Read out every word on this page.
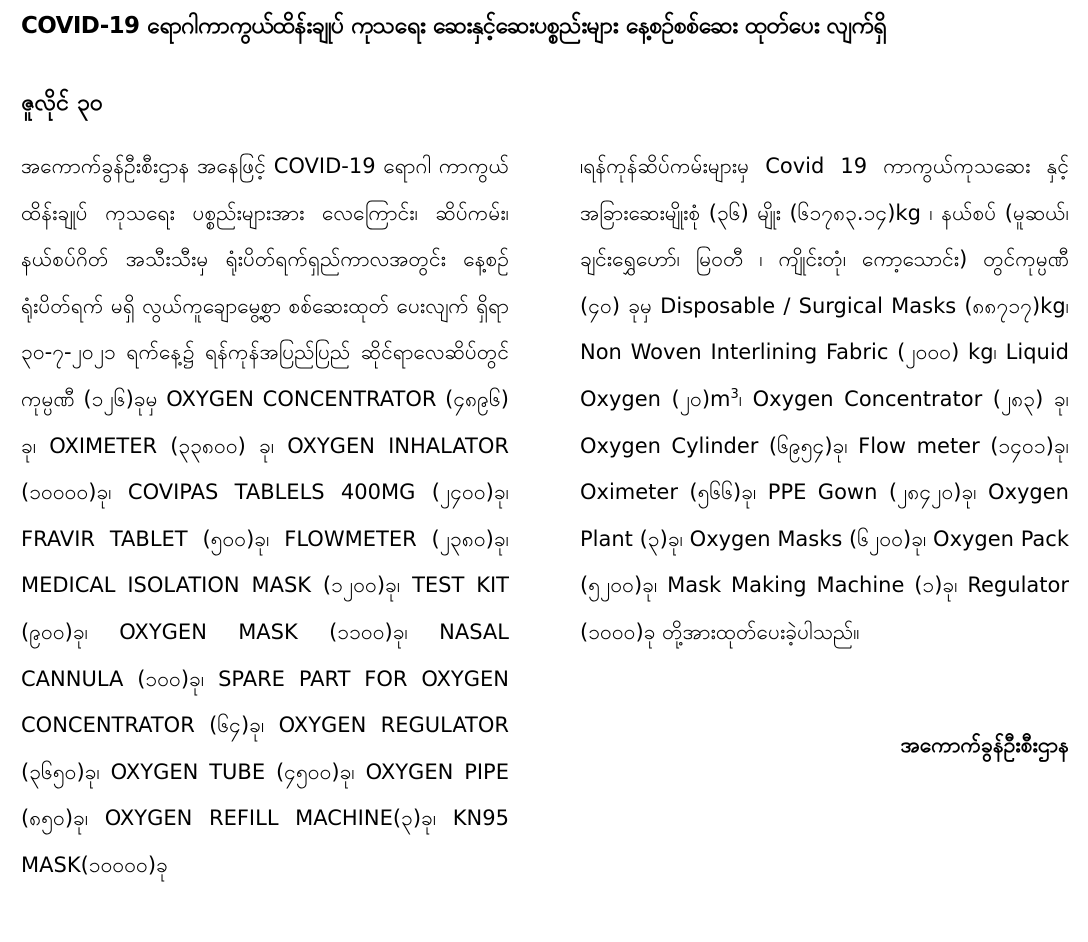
COVID-19 ရောဂါကာကွယ်ထိန်းချုပ် ကုသရေး ဆေးနှင့်ဆေးပစ္စည်းများ နေ့စဉ်စစ်ဆေး ထုတ်ပေး လျက်ရှိ
ဇူလိုင် ၃၀

အကောက်ခွန်ဦးစီးဌာန အနေဖြင့် COVID-19 ရောဂါ ကာကွယ်ထိန်းချုပ် ကုသရေး ပစ္စည်းများအား လေကြောင်း၊ ဆိပ်ကမ်း၊ နယ်စပ်ဂိတ် အသီးသီးမှ ရုံးပိတ်ရက်ရှည်ကာလအတွင်း နေ့စဉ် ရုံးပိတ်ရက် မရှိ လွယ်ကူချောမွေ့စွာ စစ်ဆေးထုတ် ပေးလျက် ရှိရာ ၃၀-၇-၂၀၂၁ ရက်နေ့၌ ရန်ကုန်အပြည်ပြည် ဆိုင်ရာလေဆိပ်တွင် ကုမ္ပဏီ (၁၂၆)ခုမှ OXYGEN CONCENTRATOR (၄၈၉၆) ခု၊ OXIMETER (၃၃၈၀၀) ခု၊ OXYGEN INHALATOR (၁၀၀၀၀)ခု၊ COVIPAS TABLELS 400MG (၂၄၀၀)ခု၊ FRAVIR TABLET (၅၀၀)ခု၊ FLOWMETER (၂၃၈၀)ခု၊ MEDICAL ISOLATION MASK (၁၂၀၀)ခု၊ TEST KIT (၉၀၀)ခု၊ OXYGEN MASK (၁၁၀၀)ခု၊ NASAL CANNULA (၁၀၀)ခု၊ SPARE PART FOR OXYGEN CONCENTRATOR (၆၄)ခု၊ OXYGEN REGULATOR (၃၆၅၀)ခု၊ OXYGEN TUBE (၄၅၀၀)ခု၊ OXYGEN PIPE (၈၅၀)ခု၊ OXYGEN REFILL MACHINE(၃)ခု၊ KN95 MASK(၁၀၀၀၀)ခု

၊ရန်ကုန်ဆိပ်ကမ်းများမှ Covid 19 ကာကွယ်ကုသဆေး နှင့် အခြားဆေးမျိုးစုံ (၃၆) မျိုး (၆၁၇၈၃.၁၄)kg ၊ နယ်စပ် (မူဆယ်၊ ချင်းရွှေဟော်၊ မြဝတီ ၊ ကျိုင်းတုံ၊ ကော့သောင်း) တွင်ကုမ္ပဏီ (၄၀) ခုမှ Disposable / Surgical Masks (၈၈၇၁၇)kg၊ Non Woven Interlining Fabric (၂၀၀၀) kg၊ Liquid Oxygen (၂၀)$m^3$၊ Oxygen Concentrator (၂၈၃) ခု၊ Oxygen Cylinder (၆၉၅၄)ခု၊ Flow meter (၁၄၀၁)ခု၊ Oximeter (၅၆၆)ခု၊ PPE Gown (၂၈၄၂၀)ခု၊ Oxygen Plant (၃)ခု၊ Oxygen Masks (၆၂၀၀)ခု၊ Oxygen Pack (၅၂၀၀)ခု၊ Mask Making Machine (၁)ခု၊ Regulator (၁၀၀၀)ခု တို့အားထုတ်ပေးခဲ့ပါသည်။

အကောက်ခွန်ဦးစီးဌာန
